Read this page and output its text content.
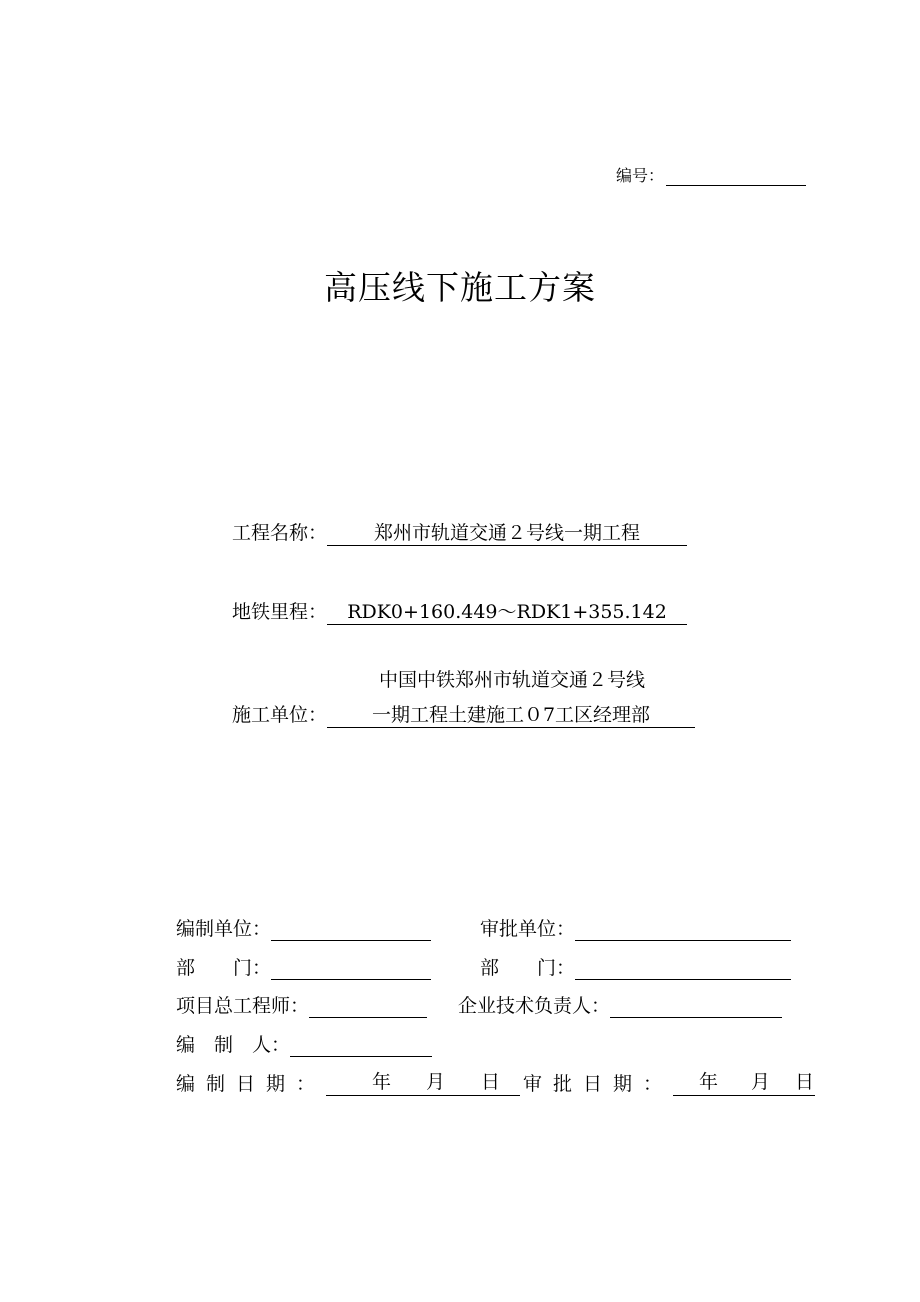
编号：
高压线下施工方案
工程名称： 郑州市轨道交通２号线一期工程
地铁里程： RDK0+160.449～RDK1+355.142
中国中铁郑州市轨道交通２号线
施工单位： 一期工程土建施工０7工区经理部
编制单位：	审批单位：
部　　门：	部　　门：
项目总工程师：	企业技术负责人：
编　制　人：
编制日期： 年 月 日 审批日期： 年 月 日
